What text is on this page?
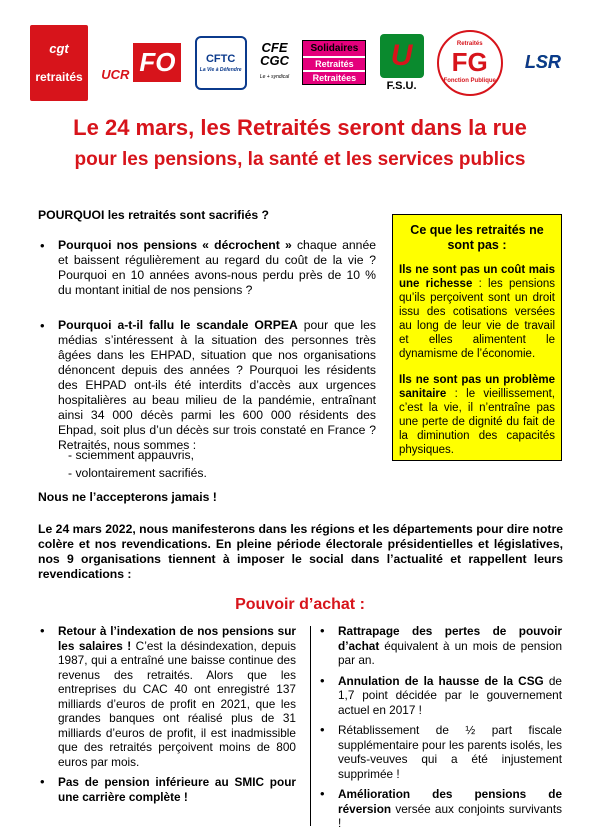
cgt
retraités UCR FO	CFTC
La Vie à Défendre
CFE
CGC
Le + syndical
Solidaires
Retraités
Retraitées
U
F.S.U.
Retraités
FG
Fonction Publique
LSR
Le 24 mars, les Retraités seront dans la rue
pour les pensions, la santé et les services publics
POURQUOI les retraités sont sacrifiés ?

• Pourquoi nos pensions « décrochent » chaque année et baissent régulièrement au regard du coût de la vie ? Pourquoi en 10 années avons-nous perdu près de 10 % du montant initial de nos pensions ?

• Pourquoi a-t-il fallu le scandale ORPEA pour que les médias s’intéressent à la situation des personnes très âgées dans les EHPAD, situation que nos organisations dénoncent depuis des années ? Pourquoi les résidents des EHPAD ont-ils été interdits d’accès aux urgences hospitalières au beau milieu de la pandémie, entraînant ainsi 34 000 décès parmi les 600 000 résidents des Ehpad, soit plus d’un décès sur trois constaté en France ? Retraités, nous sommes :

- sciemment appauvris,

- volontairement sacrifiés.

Nous ne l’accepterons jamais !
Le 24 mars 2022, nous manifesterons dans les régions et les départements pour dire notre colère et nos revendications. En pleine période électorale présidentielles et législatives, nos 9 organisations tiennent à imposer le social dans l’actualité et rappellent leurs revendications :
Ce que les retraités ne sont pas :

Ils ne sont pas un coût mais une richesse : les pensions qu’ils perçoivent sont un droit issu des cotisations versées au long de leur vie de travail et elles alimentent le dynamisme de l’économie.

Ils ne sont pas un problème sanitaire : le vieillissement, c’est la vie, il n’entraîne pas une perte de dignité du fait de la diminution des capacités physiques.

Pouvoir d’achat :

• Retour à l’indexation de nos pensions sur les salaires ! C’est la désindexation, depuis 1987, qui a entraîné une baisse continue des revenus des retraités. Alors que les entreprises du CAC 40 ont enregistré 137 milliards d’euros de profit en 2021, que les grandes banques ont réalisé plus de 31 milliards d’euros de profit, il est inadmissible que des retraités perçoivent moins de 800 euros par mois.

• Pas de pension inférieure au SMIC pour une carrière complète !

• Rattrapage des pertes de pouvoir d’achat équivalent à un mois de pension par an.

• Annulation de la hausse de la CSG de 1,7 point décidée par le gouvernement actuel en 2017 !

• Rétablissement de ½ part fiscale supplémentaire pour les parents isolés, les veufs-veuves qui a été injustement supprimée !

• Amélioration des pensions de réversion versée aux conjoints survivants !
